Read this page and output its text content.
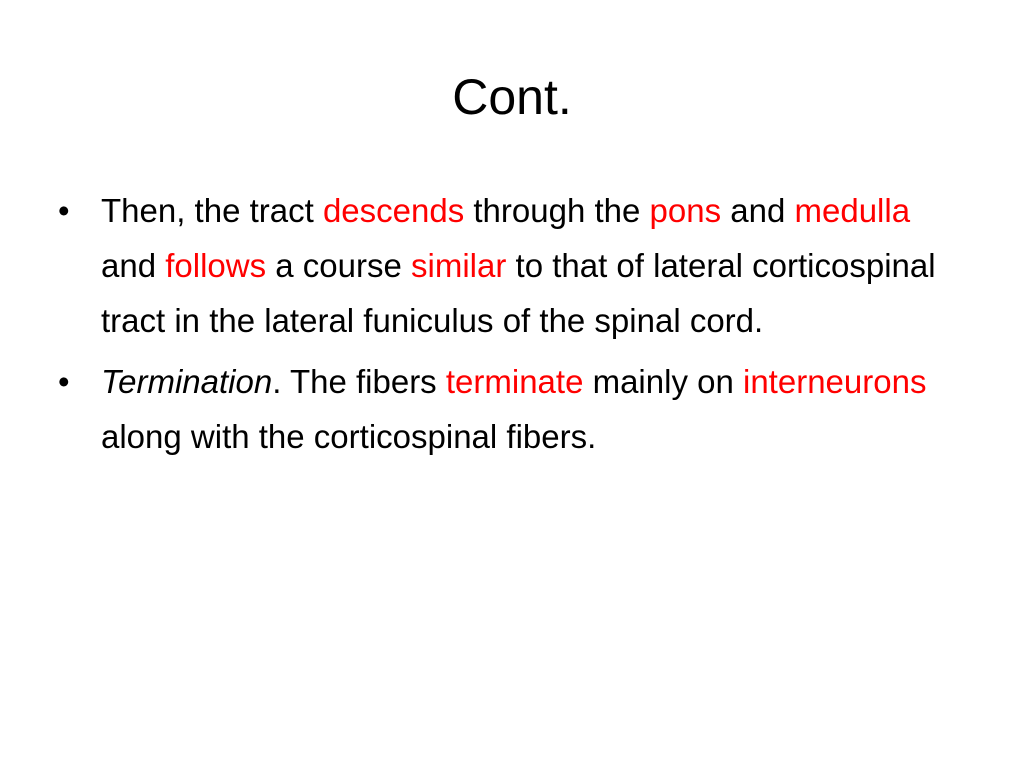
Cont.
• Then, the tract descends through the pons and medulla and follows a course similar to that of lateral corticospinal tract in the lateral funiculus of the spinal cord.
• Termination. The fibers terminate mainly on interneurons along with the corticospinal fibers.
